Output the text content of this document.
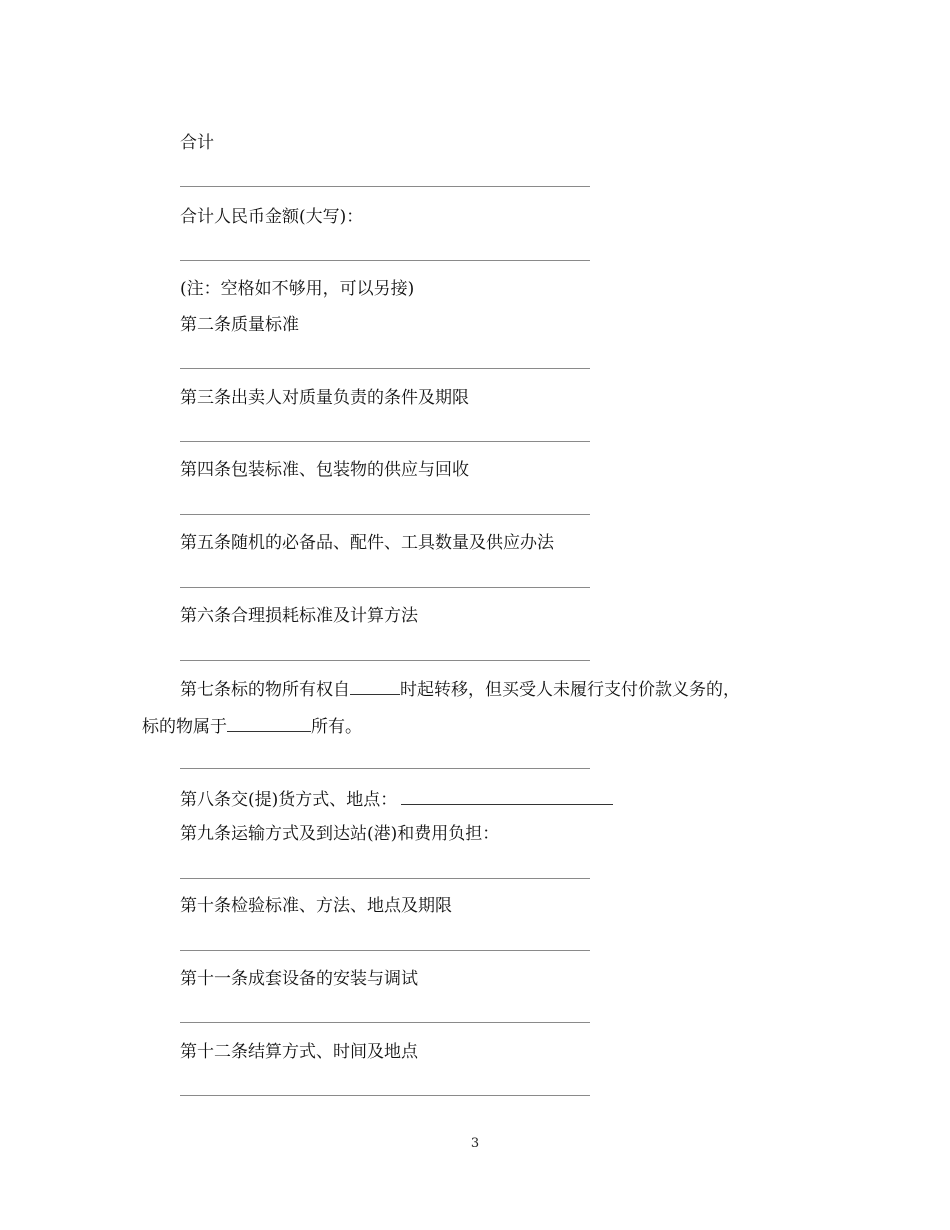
合计
合计人民币金额(大写)：
(注：空格如不够用，可以另接)
第二条质量标准
第三条出卖人对质量负责的条件及期限
第四条包装标准、包装物的供应与回收
第五条随机的必备品、配件、工具数量及供应办法
第六条合理损耗标准及计算方法
第七条标的物所有权自	时起转移，但买受人未履行支付价款义务的，
标的物属于	所有。
第八条交(提)货方式、地点：
第九条运输方式及到达站(港)和费用负担：
第十条检验标准、方法、地点及期限
第十一条成套设备的安装与调试
第十二条结算方式、时间及地点
3
